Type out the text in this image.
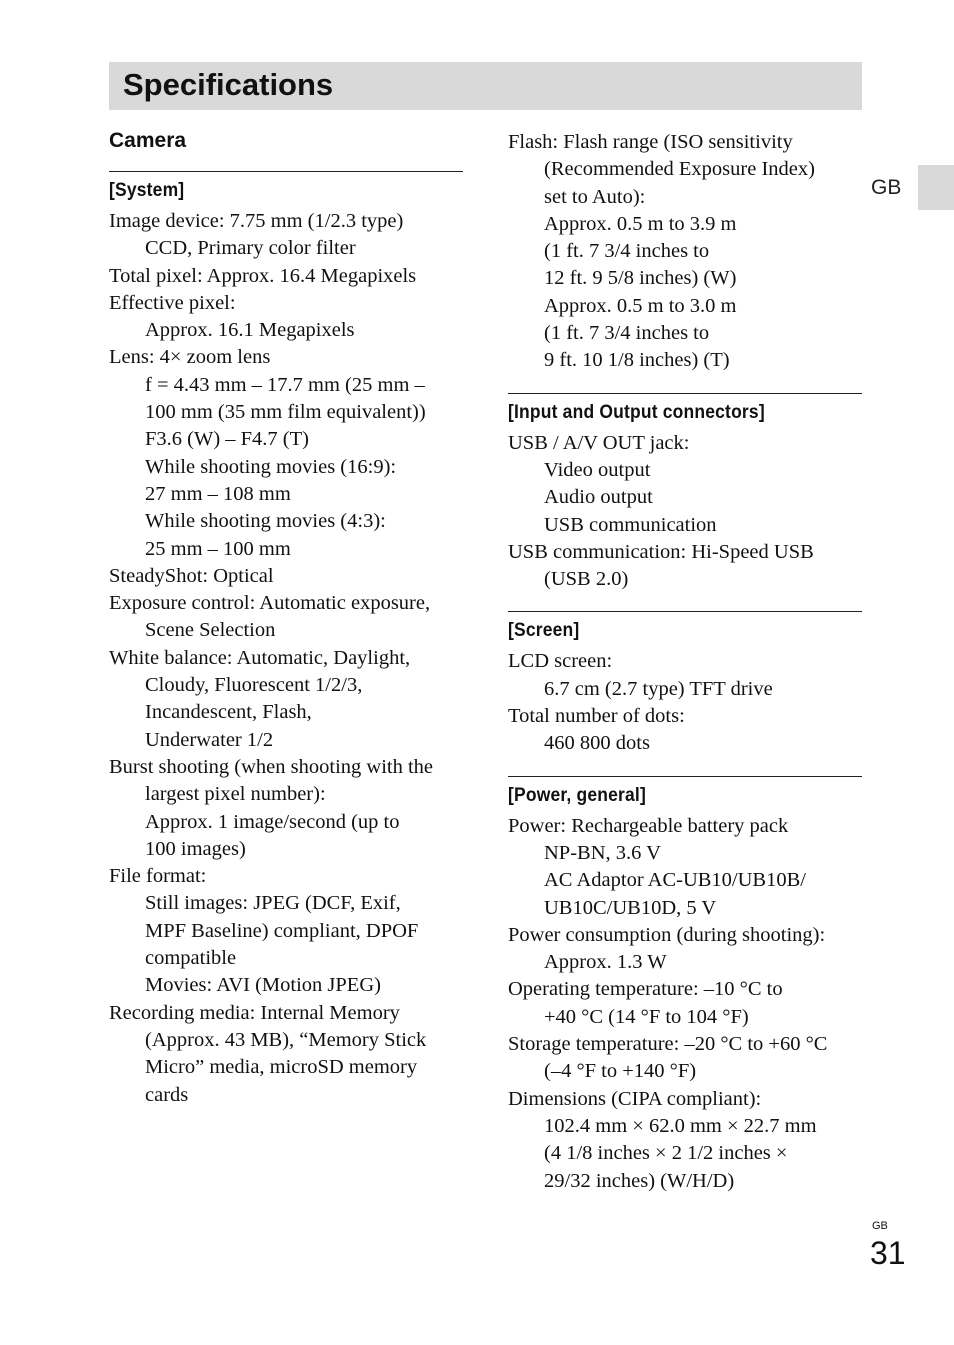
Specifications
GB
Camera
[System]
Image device: 7.75 mm (1/2.3 type)
CCD, Primary color filter
Total pixel: Approx. 16.4 Megapixels
Effective pixel:
Approx. 16.1 Megapixels
Lens: 4× zoom lens
f = 4.43 mm – 17.7 mm (25 mm –
100 mm (35 mm film equivalent))
F3.6 (W) – F4.7 (T)
While shooting movies (16:9):
27 mm – 108 mm
While shooting movies (4:3):
25 mm – 100 mm
SteadyShot: Optical
Exposure control: Automatic exposure,
Scene Selection
White balance: Automatic, Daylight,
Cloudy, Fluorescent 1/2/3,
Incandescent, Flash,
Underwater 1/2
Burst shooting (when shooting with the
largest pixel number):
Approx. 1 image/second (up to
100 images)
File format:
Still images: JPEG (DCF, Exif,
MPF Baseline) compliant, DPOF
compatible
Movies: AVI (Motion JPEG)
Recording media: Internal Memory
(Approx. 43 MB), “Memory Stick
Micro” media, microSD memory
cards
Flash: Flash range (ISO sensitivity
(Recommended Exposure Index)
set to Auto):
Approx. 0.5 m to 3.9 m
(1 ft. 7 3/4 inches to
12 ft. 9 5/8 inches) (W)
Approx. 0.5 m to 3.0 m
(1 ft. 7 3/4 inches to
9 ft. 10 1/8 inches) (T)
[Input and Output connectors]
USB / A/V OUT jack:
Video output
Audio output
USB communication
USB communication: Hi-Speed USB
(USB 2.0)
[Screen]
LCD screen:
6.7 cm (2.7 type) TFT drive
Total number of dots:
460 800 dots
[Power, general]
Power: Rechargeable battery pack
NP-BN, 3.6 V
AC Adaptor AC-UB10/UB10B/
UB10C/UB10D, 5 V
Power consumption (during shooting):
Approx. 1.3 W
Operating temperature: –10 °C to
+40 °C (14 °F to 104 °F)
Storage temperature: –20 °C to +60 °C
(–4 °F to +140 °F)
Dimensions (CIPA compliant):
102.4 mm × 62.0 mm × 22.7 mm
(4 1/8 inches × 2 1/2 inches ×
29/32 inches) (W/H/D)
GB
31
